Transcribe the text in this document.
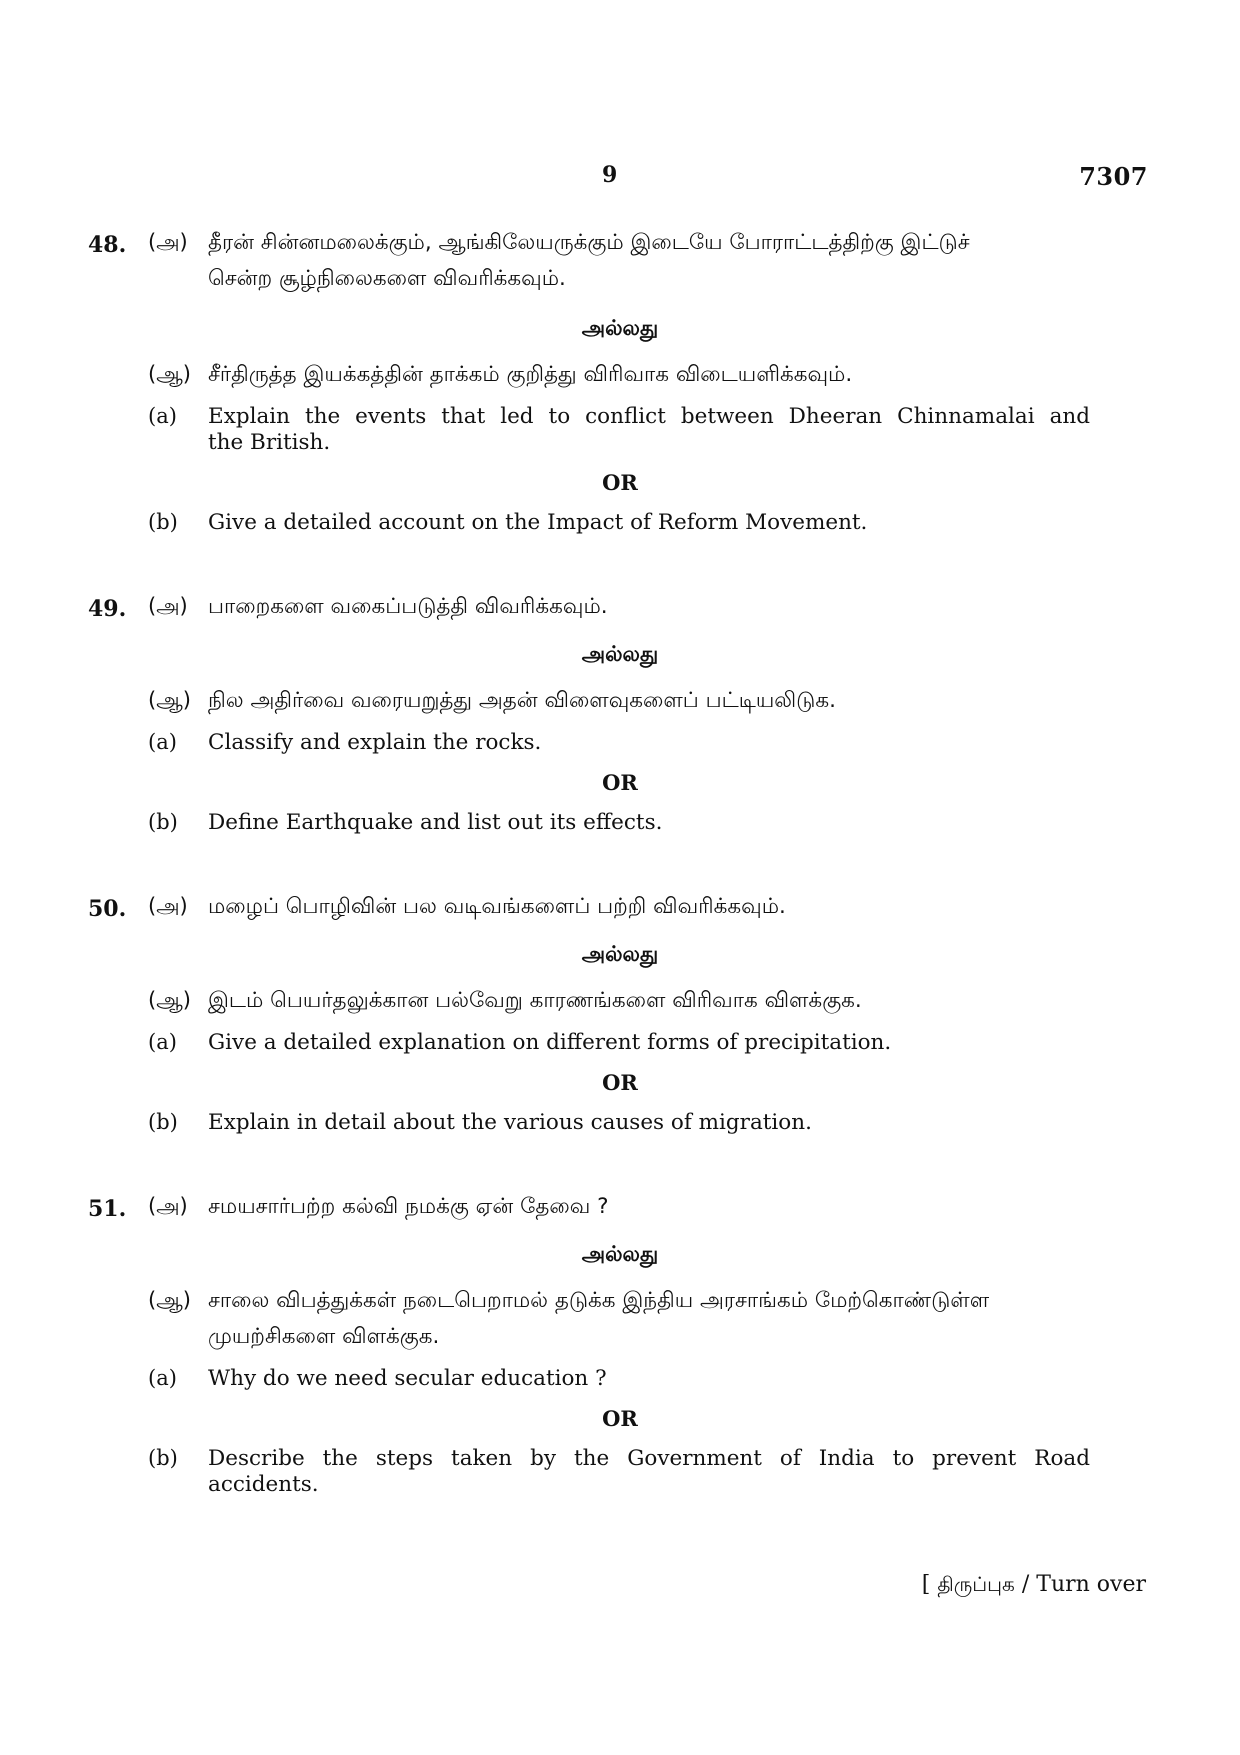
9	7307
48. (அ) தீரன் சின்னமலைக்கும், ஆங்கிலேயருக்கும் இடையே போராட்டத்திற்கு இட்டுச்
சென்ற சூழ்நிலைகளை விவரிக்கவும்.
அல்லது
(ஆ) சீர்திருத்த இயக்கத்தின் தாக்கம் குறித்து விரிவாக விடையளிக்கவும்.
(a) Explain the events that led to conflict between Dheeran Chinnamalai and
the British.
OR
(b) Give a detailed account on the Impact of Reform Movement.
49. (அ) பாறைகளை வகைப்படுத்தி விவரிக்கவும்.
அல்லது
(ஆ) நில அதிர்வை வரையறுத்து அதன் விளைவுகளைப் பட்டியலிடுக.
(a) Classify and explain the rocks.
OR
(b) Define Earthquake and list out its effects.
50. (அ) மழைப் பொழிவின் பல வடிவங்களைப் பற்றி விவரிக்கவும்.
அல்லது
(ஆ) இடம் பெயர்தலுக்கான பல்வேறு காரணங்களை விரிவாக விளக்குக.
(a) Give a detailed explanation on different forms of precipitation.
OR
(b) Explain in detail about the various causes of migration.
51. (அ) சமயசார்பற்ற கல்வி நமக்கு ஏன் தேவை ?
அல்லது
(ஆ) சாலை விபத்துக்கள் நடைபெறாமல் தடுக்க இந்திய அரசாங்கம் மேற்கொண்டுள்ள
முயற்சிகளை விளக்குக.
(a) Why do we need secular education ?
OR
(b) Describe the steps taken by the Government of India to prevent Road
accidents.
[ திருப்புக / Turn over
